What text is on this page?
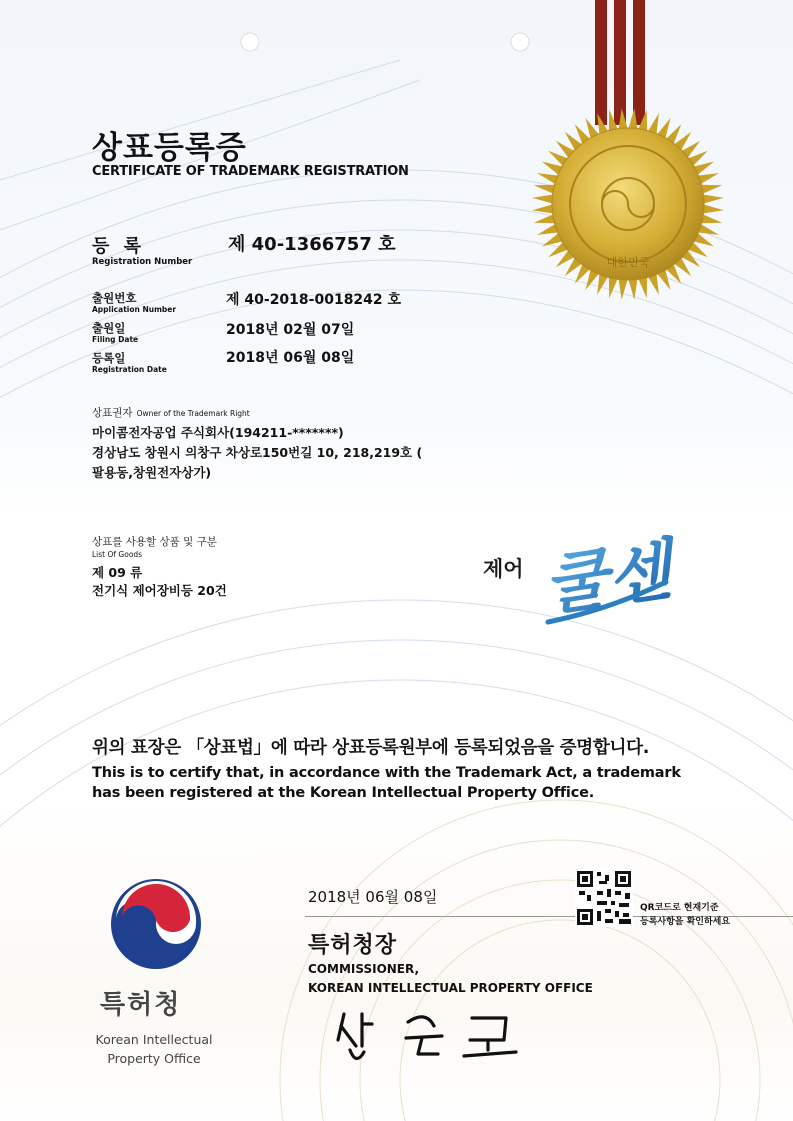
대한민국
상표등록증
CERTIFICATE OF TRADEMARK REGISTRATION
등 록
Registration Number
제 40-1366757 호
출원번호
Application Number
제 40-2018-0018242 호
출원일
Filing Date
2018년 02월 07일
등록일
Registration Date
2018년 06월 08일
상표권자 Owner of the Trademark Right
마이콤전자공업 주식회사(194211-*******)
경상남도 창원시 의창구 차상로150번길 10, 218,219호 (
팔용동,창원전자상가)
상표를 사용할 상품 및 구분
List Of Goods
제 09 류
전기식 제어장비등 20건
제어 쿨센
위의 표장은 「상표법」에 따라 상표등록원부에 등록되었음을 증명합니다.
This is to certify that, in accordance with the Trademark Act, a trademark
has been registered at the Korean Intellectual Property Office.
2018년 06월 08일
특허청장
COMMISSIONER,
KOREAN INTELLECTUAL PROPERTY OFFICE
QR코드로 현재기준
등록사항을 확인하세요
특허청
Korean Intellectual
Property Office
